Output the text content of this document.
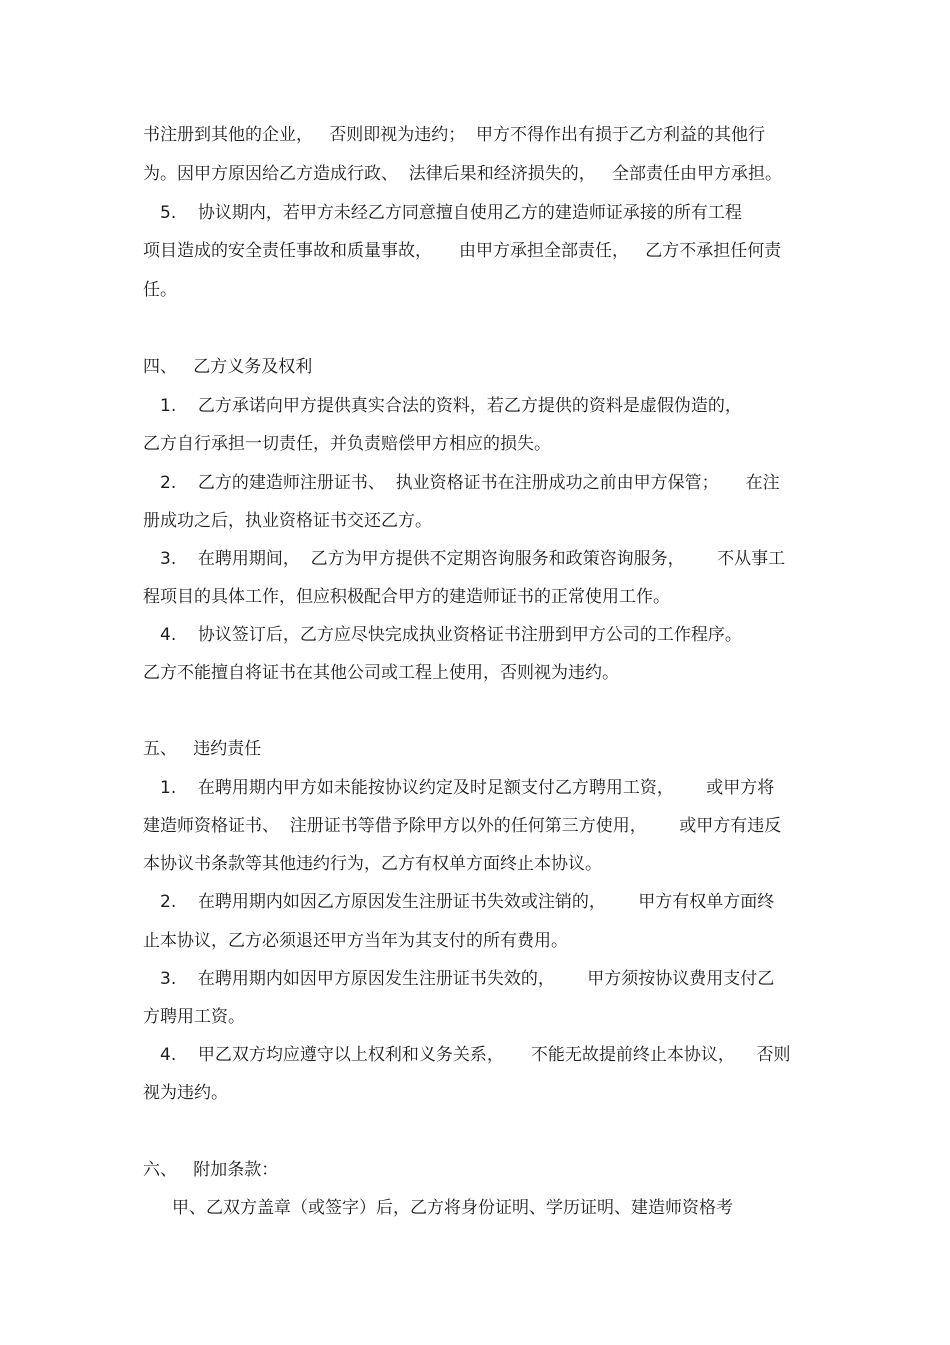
书注册到其他的企业，   否则即视为违约；  甲方不得作出有损于乙方利益的其他行
为。因甲方原因给乙方造成行政、  法律后果和经济损失的，   全部责任由甲方承担。
5.    协议期内，若甲方未经乙方同意擅自使用乙方的建造师证承接的所有工程
项目造成的安全责任事故和质量事故，     由甲方承担全部责任，   乙方不承担任何责
任。
四、   乙方义务及权利
1.    乙方承诺向甲方提供真实合法的资料，若乙方提供的资料是虚假伪造的，
乙方自行承担一切责任，并负责赔偿甲方相应的损失。
2.    乙方的建造师注册证书、  执业资格证书在注册成功之前由甲方保管；     在注
册成功之后，执业资格证书交还乙方。
3.    在聘用期间，  乙方为甲方提供不定期咨询服务和政策咨询服务，      不从事工
程项目的具体工作，但应积极配合甲方的建造师证书的正常使用工作。
4.    协议签订后，乙方应尽快完成执业资格证书注册到甲方公司的工作程序。
乙方不能擅自将证书在其他公司或工程上使用，否则视为违约。
五、   违约责任
1.    在聘用期内甲方如未能按协议约定及时足额支付乙方聘用工资，      或甲方将
建造师资格证书、  注册证书等借予除甲方以外的任何第三方使用，      或甲方有违反
本协议书条款等其他违约行为，乙方有权单方面终止本协议。
2.    在聘用期内如因乙方原因发生注册证书失效或注销的，      甲方有权单方面终
止本协议，乙方必须退还甲方当年为其支付的所有费用。
3.    在聘用期内如因甲方原因发生注册证书失效的，      甲方须按协议费用支付乙
方聘用工资。
4.    甲乙双方均应遵守以上权利和义务关系，     不能无故提前终止本协议，    否则
视为违约。
六、   附加条款：
甲、乙双方盖章（或签字）后，乙方将身份证明、学历证明、建造师资格考
